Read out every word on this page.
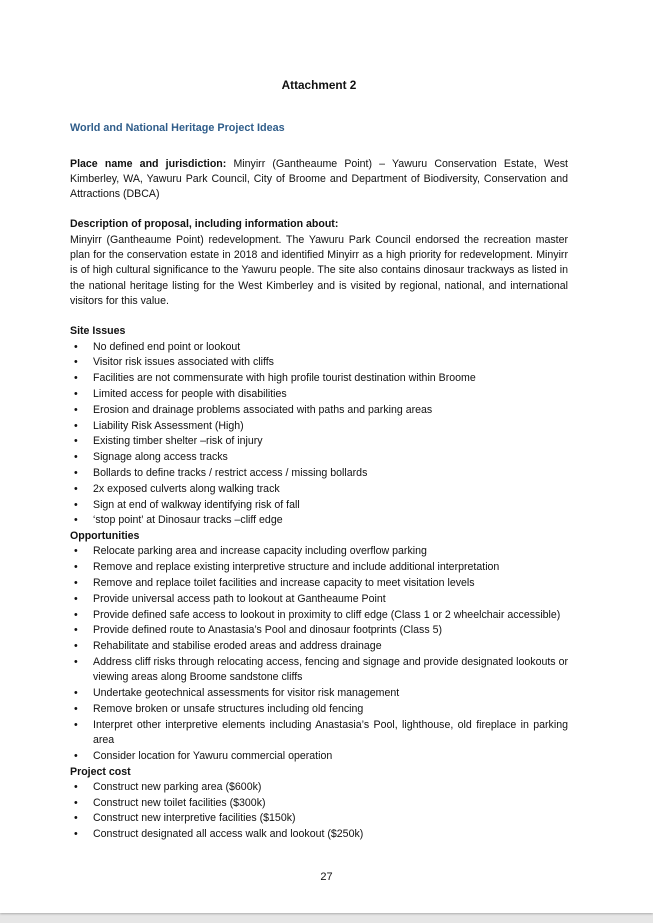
Attachment 2
World and National Heritage Project Ideas

Place name and jurisdiction: Minyirr (Gantheaume Point) – Yawuru Conservation Estate, West Kimberley, WA, Yawuru Park Council, City of Broome and Department of Biodiversity, Conservation and Attractions (DBCA)

Description of proposal, including information about:

Minyirr (Gantheaume Point) redevelopment. The Yawuru Park Council endorsed the recreation master plan for the conservation estate in 2018 and identified Minyirr as a high priority for redevelopment. Minyirr is of high cultural significance to the Yawuru people. The site also contains dinosaur trackways as listed in the national heritage listing for the West Kimberley and is visited by regional, national, and international visitors for this value.

Site Issues

• No defined end point or lookout
• Visitor risk issues associated with cliffs
• Facilities are not commensurate with high profile tourist destination within Broome
• Limited access for people with disabilities
• Erosion and drainage problems associated with paths and parking areas
• Liability Risk Assessment (High)
• Existing timber shelter –risk of injury
• Signage along access tracks
• Bollards to define tracks / restrict access / missing bollards
• 2x exposed culverts along walking track
• Sign at end of walkway identifying risk of fall
• ‘stop point’ at Dinosaur tracks –cliff edge

Opportunities

• Relocate parking area and increase capacity including overflow parking
• Remove and replace existing interpretive structure and include additional interpretation
• Remove and replace toilet facilities and increase capacity to meet visitation levels
• Provide universal access path to lookout at Gantheaume Point
• Provide defined safe access to lookout in proximity to cliff edge (Class 1 or 2 wheelchair accessible)
• Provide defined route to Anastasia’s Pool and dinosaur footprints (Class 5)
• Rehabilitate and stabilise eroded areas and address drainage
• Address cliff risks through relocating access, fencing and signage and provide designated lookouts or viewing areas along Broome sandstone cliffs
• Undertake geotechnical assessments for visitor risk management
• Remove broken or unsafe structures including old fencing
• Interpret other interpretive elements including Anastasia’s Pool, lighthouse, old fireplace in parking area
• Consider location for Yawuru commercial operation

Project cost

• Construct new parking area ($600k)
• Construct new toilet facilities ($300k)
• Construct new interpretive facilities ($150k)
• Construct designated all access walk and lookout ($250k)
27
